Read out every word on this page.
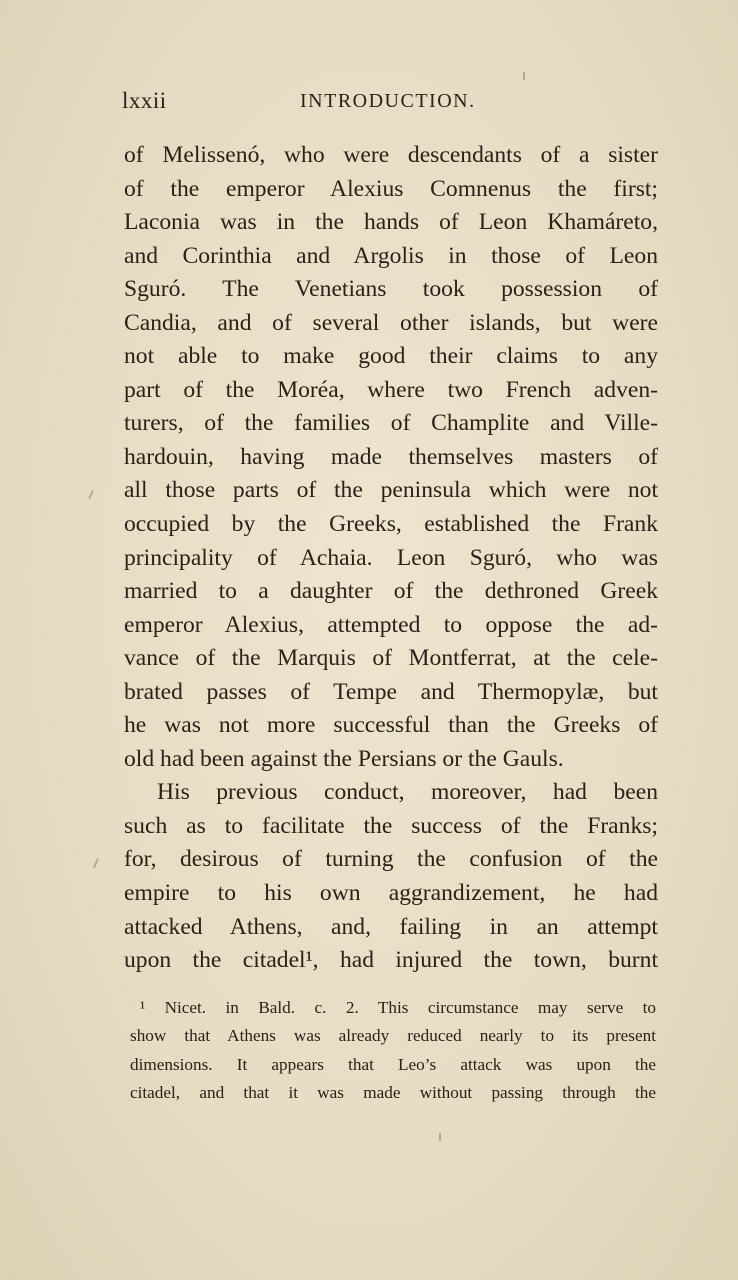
lxxii	INTRODUCTION.
of Melissenó, who were descendants of a sister
of the emperor Alexius Comnenus the first;
Laconia was in the hands of Leon Khamáreto,
and Corinthia and Argolis in those of Leon
Sguró. The Venetians took possession of
Candia, and of several other islands, but were
not able to make good their claims to any
part of the Moréa, where two French adven-
turers, of the families of Champlite and Ville-
hardouin, having made themselves masters of
all those parts of the peninsula which were not
occupied by the Greeks, established the Frank
principality of Achaia. Leon Sguró, who was
married to a daughter of the dethroned Greek
emperor Alexius, attempted to oppose the ad-
vance of the Marquis of Montferrat, at the cele-
brated passes of Tempe and Thermopylæ, but
he was not more successful than the Greeks of
old had been against the Persians or the Gauls.
His previous conduct, moreover, had been
such as to facilitate the success of the Franks;
for, desirous of turning the confusion of the
empire to his own aggrandizement, he had
attacked Athens, and, failing in an attempt
upon the citadel¹, had injured the town, burnt
¹ Nicet. in Bald. c. 2. This circumstance may serve to
show that Athens was already reduced nearly to its present
dimensions. It appears that Leo’s attack was upon the
citadel, and that it was made without passing through the
